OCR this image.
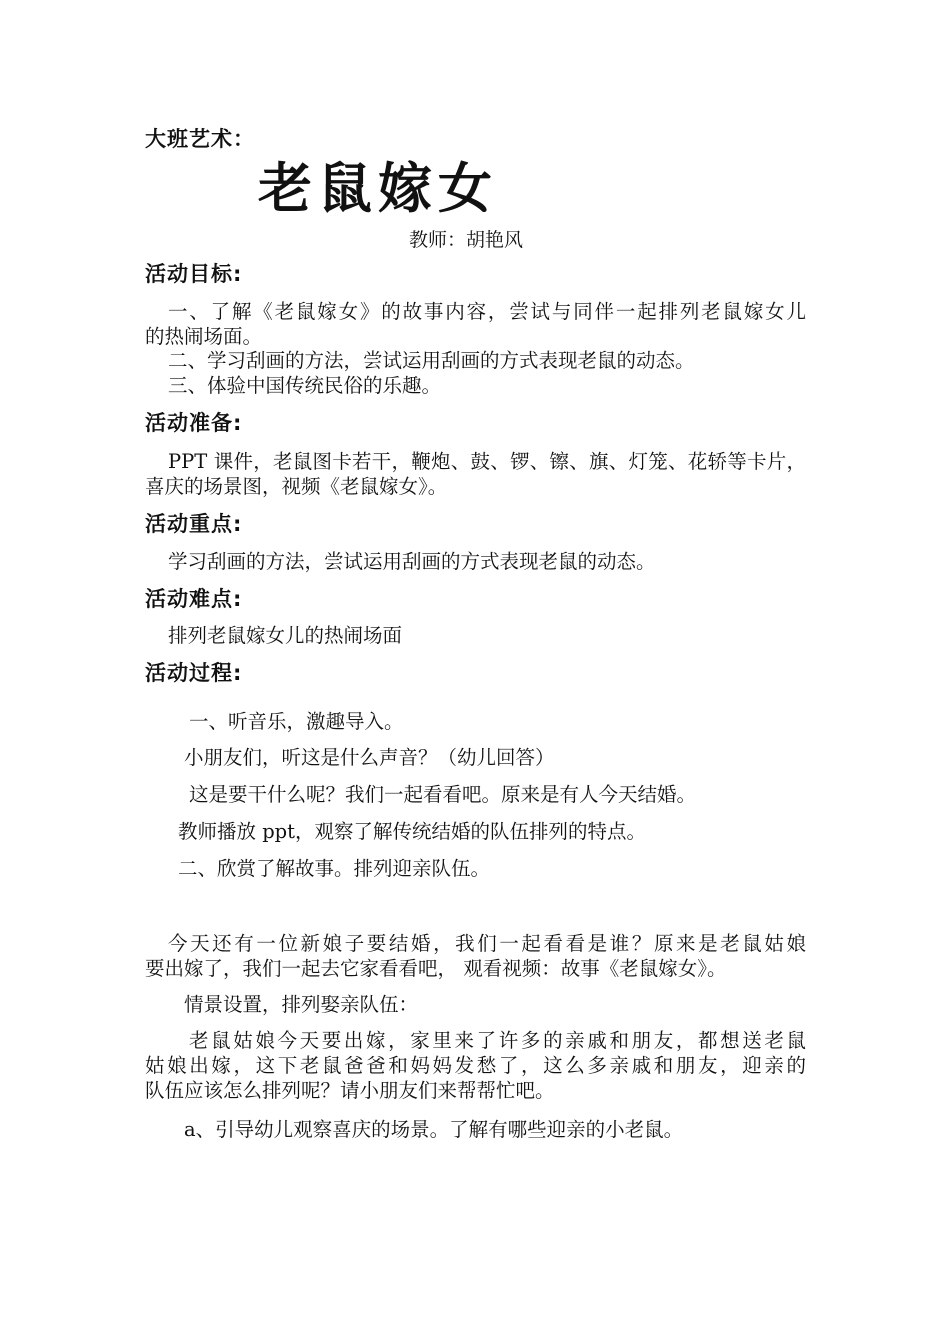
大班艺术：
老鼠嫁女
教师：胡艳风
活动目标:
一、了解《老鼠嫁女》的故事内容，尝试与同伴一起排列老鼠嫁女儿
的热闹场面。
二、学习刮画的方法，尝试运用刮画的方式表现老鼠的动态。
三、体验中国传统民俗的乐趣。
活动准备:
PPT 课件，老鼠图卡若干，鞭炮、鼓、锣、镲、旗、灯笼、花轿等卡片，
喜庆的场景图，视频《老鼠嫁女》。
活动重点:
学习刮画的方法，尝试运用刮画的方式表现老鼠的动态。
活动难点:
排列老鼠嫁女儿的热闹场面
活动过程:
一、听音乐，激趣导入。
小朋友们，听这是什么声音？（幼儿回答）
这是要干什么呢？我们一起看看吧。原来是有人今天结婚。
教师播放 ppt，观察了解传统结婚的队伍排列的特点。
二、欣赏了解故事。排列迎亲队伍。
今天还有一位新娘子要结婚，我们一起看看是谁？原来是老鼠姑娘
要出嫁了，我们一起去它家看看吧， 观看视频：故事《老鼠嫁女》。
情景设置，排列娶亲队伍：
老鼠姑娘今天要出嫁，家里来了许多的亲戚和朋友，都想送老鼠
姑娘出嫁，这下老鼠爸爸和妈妈发愁了，这么多亲戚和朋友，迎亲的
队伍应该怎么排列呢？请小朋友们来帮帮忙吧。
a、引导幼儿观察喜庆的场景。了解有哪些迎亲的小老鼠。
